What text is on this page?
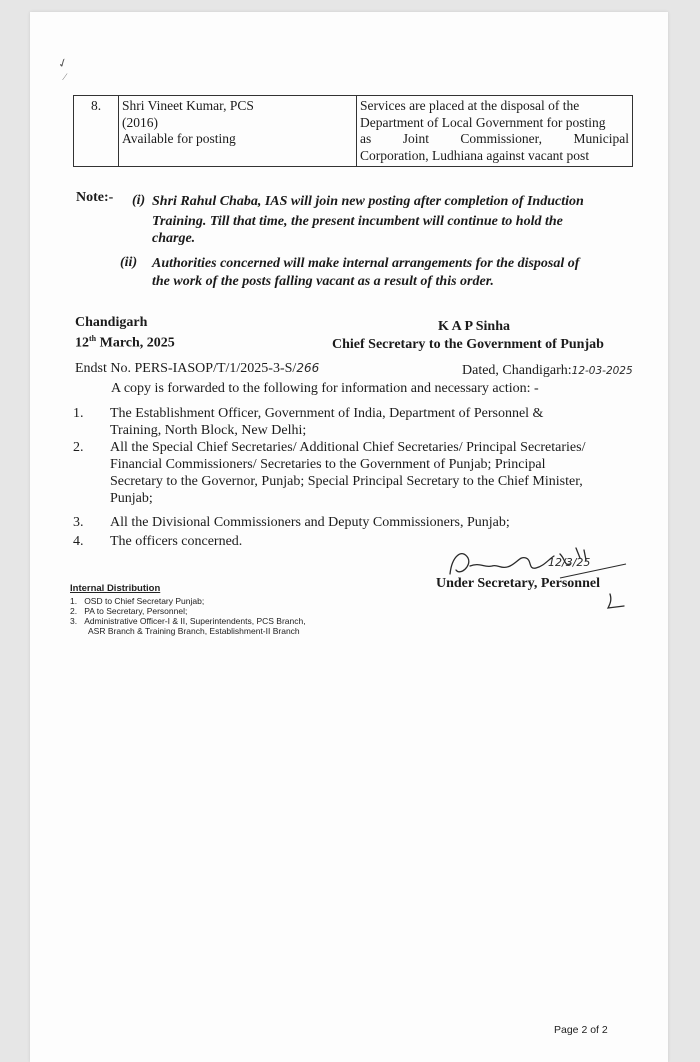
✓
∕
8.	Shri Vineet Kumar, PCS
(2016)
Available for posting

Services are placed at the disposal of the
Department of Local Government for posting
as Joint Commissioner, Municipal
Corporation, Ludhiana against vacant post
Note:- (i) Shri Rahul Chaba, IAS will join new posting after completion of Induction
Training. Till that time, the present incumbent will continue to hold the
charge.
(ii) Authorities concerned will make internal arrangements for the disposal of
the work of the posts falling vacant as a result of this order.
Chandigarh
12th March, 2025
K A P Sinha
Chief Secretary to the Government of Punjab
Endst No. PERS-IASOP/T/1/2025-3-S/266	Dated, Chandigarh:12-03-2025
A copy is forwarded to the following for information and necessary action: -
1. The Establishment Officer, Government of India, Department of Personnel &
Training, North Block, New Delhi;
2. All the Special Chief Secretaries/ Additional Chief Secretaries/ Principal Secretaries/
Financial Commissioners/ Secretaries to the Government of Punjab; Principal
Secretary to the Governor, Punjab; Special Principal Secretary to the Chief Minister,
Punjab;
3. All the Divisional Commissioners and Deputy Commissioners, Punjab;
4. The officers concerned.
12/3/25
Under Secretary, Personnel
Internal Distribution
1. OSD to Chief Secretary Punjab;
2. PA to Secretary, Personnel;
3. Administrative Officer-I & II, Superintendents, PCS Branch,
ASR Branch & Training Branch, Establishment-II Branch
Page 2 of 2
